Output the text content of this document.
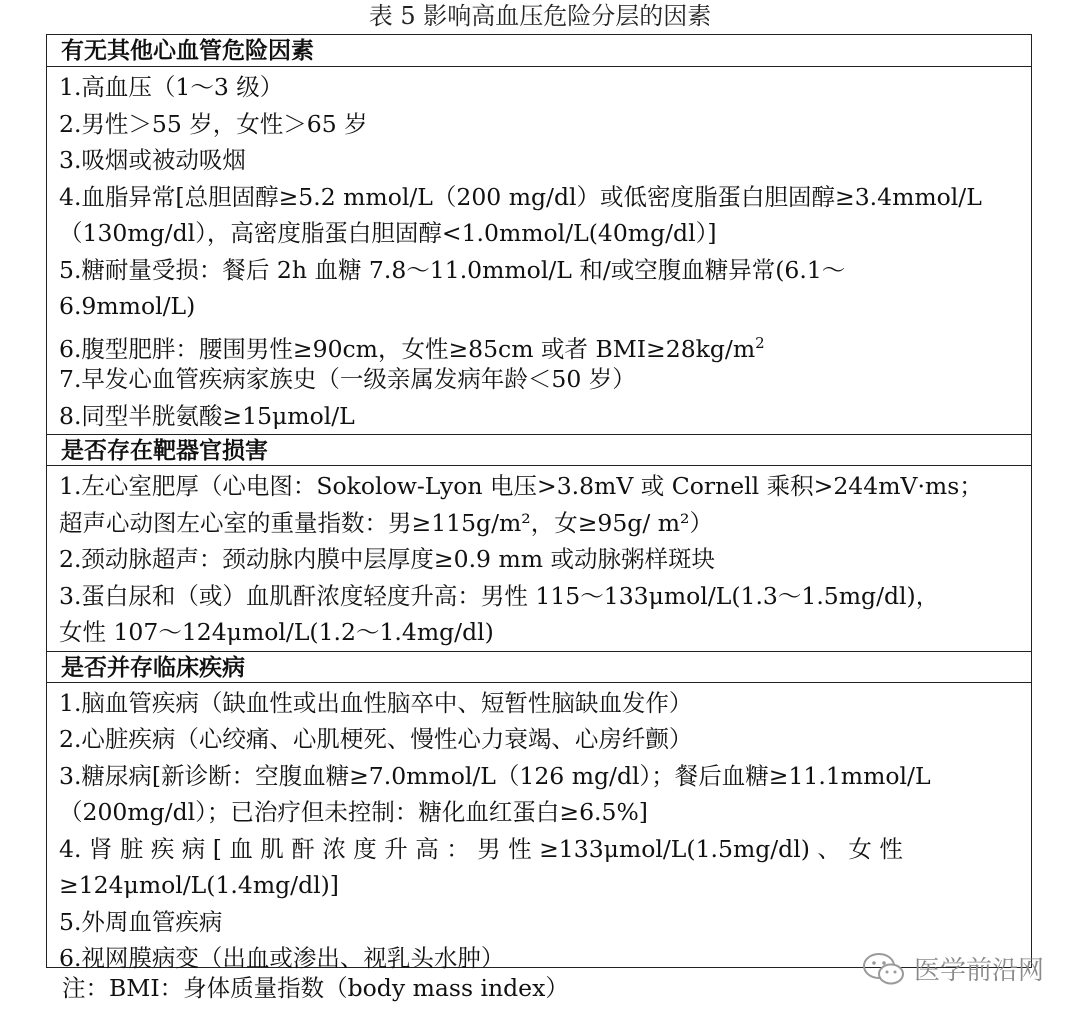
表 5 影响高血压危险分层的因素
有无其他心血管危险因素
1.高血压（1～3 级）
2.男性＞55 岁，女性＞65 岁
3.吸烟或被动吸烟
4.血脂异常[总胆固醇≥5.2 mmol/L（200 mg/dl）或低密度脂蛋白胆固醇≥3.4mmol/L
（130mg/dl），高密度脂蛋白胆固醇<1.0mmol/L(40mg/dl）]
5.糖耐量受损：餐后 2h 血糖 7.8～11.0mmol/L 和/或空腹血糖异常(6.1～
6.9mmol/L)
6.腹型肥胖：腰围男性≥90cm，女性≥85cm 或者 $BMI\ge 28kg/m^2$
7.早发心血管疾病家族史（一级亲属发病年龄＜50 岁）
8.同型半胱氨酸≥15μmol/L
是否存在靶器官损害
1.左心室肥厚（心电图：Sokolow-Lyon 电压>3.8mV 或 Cornell 乘积>244mV·ms；
超声心动图左心室的重量指数：男≥115g/m²，女≥95g/ m²）
2.颈动脉超声：颈动脉内膜中层厚度≥0.9 mm 或动脉粥样斑块
3.蛋白尿和（或）血肌酐浓度轻度升高：男性 115～133μmol/L(1.3～1.5mg/dl)，
女性 107～124μmol/L(1.2～1.4mg/dl)
是否并存临床疾病
1.脑血管疾病（缺血性或出血性脑卒中、短暂性脑缺血发作）
2.心脏疾病（心绞痛、心肌梗死、慢性心力衰竭、心房纤颤）
3.糖尿病[新诊断：空腹血糖≥7.0mmol/L（126 mg/dl）；餐后血糖≥11.1mmol/L
（200mg/dl）；已治疗但未控制：糖化血红蛋白≥6.5%]
4. 肾 脏 疾 病 [ 血 肌 酐 浓 度 升 高 ： 男 性 ≥133μmol/L(1.5mg/dl) 、 女 性
≥124μmol/L(1.4mg/dl)]
5.外周血管疾病
6.视网膜病变（出血或渗出、视乳头水肿）
注：BMI：身体质量指数（body mass index）
医学前沿网
